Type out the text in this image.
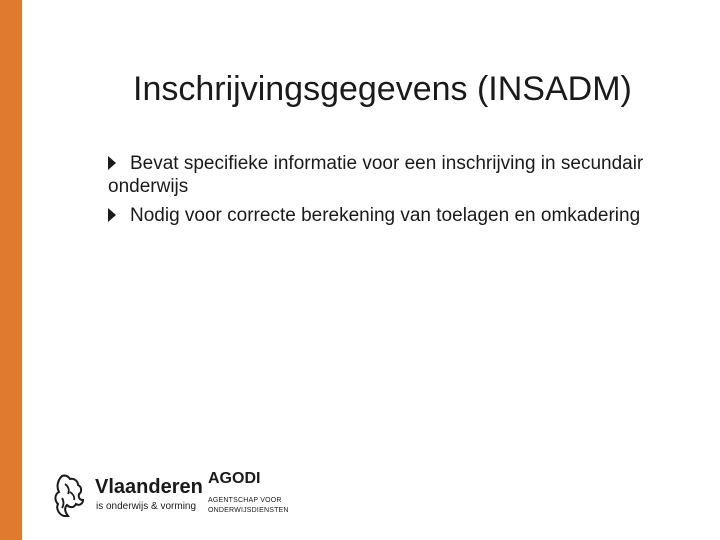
Inschrijvingsgegevens (INSADM)
Bevat specifieke informatie voor een inschrijving in secundair onderwijs
Nodig voor correcte berekening van toelagen en omkadering
Vlaanderen
is onderwijs & vorming
AGODI
AGENTSCHAP VOOR ONDERWIJSDIENSTEN
